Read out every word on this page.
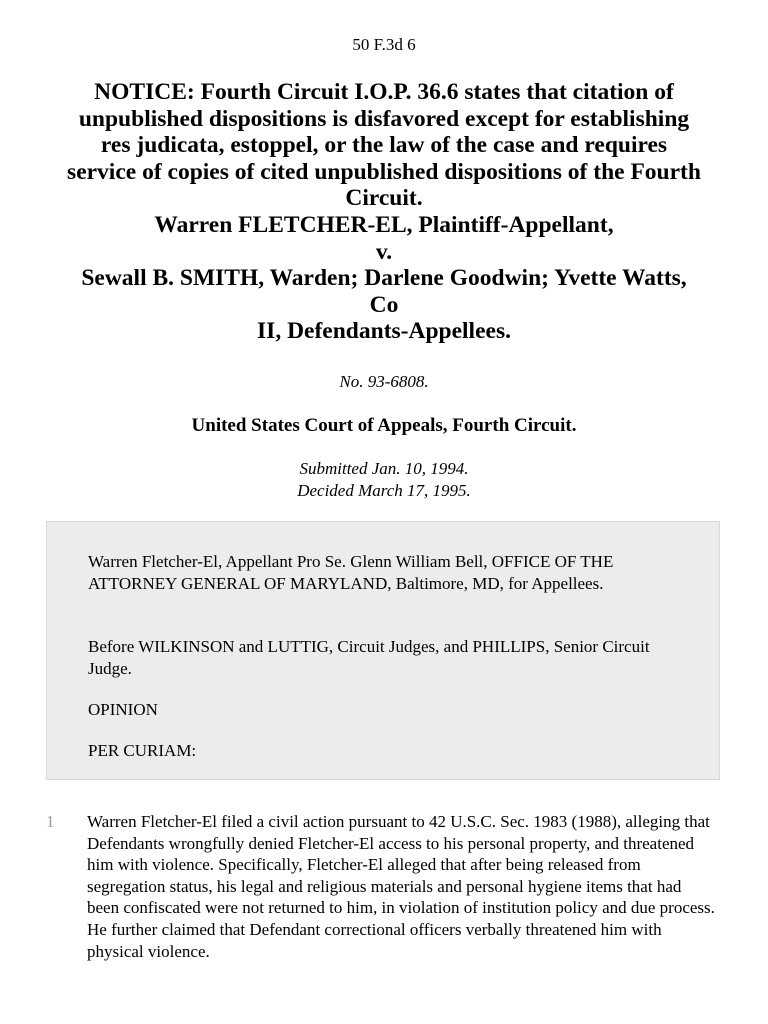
50 F.3d 6
NOTICE: Fourth Circuit I.O.P. 36.6 states that citation of
unpublished dispositions is disfavored except for establishing
res judicata, estoppel, or the law of the case and requires
service of copies of cited unpublished dispositions of the Fourth
Circuit.
Warren FLETCHER-EL, Plaintiff-Appellant,
v.
Sewall B. SMITH, Warden; Darlene Goodwin; Yvette Watts,
Co
II, Defendants-Appellees.
No. 93-6808.
United States Court of Appeals, Fourth Circuit.
Submitted Jan. 10, 1994.
Decided March 17, 1995.

Warren Fletcher-El, Appellant Pro Se. Glenn William Bell, OFFICE OF THE ATTORNEY GENERAL OF MARYLAND, Baltimore, MD, for Appellees.

Before WILKINSON and LUTTIG, Circuit Judges, and PHILLIPS, Senior Circuit Judge.

OPINION

PER CURIAM:

1 Warren Fletcher-El filed a civil action pursuant to 42 U.S.C. Sec. 1983 (1988), alleging that Defendants wrongfully denied Fletcher-El access to his personal property, and threatened him with violence. Specifically, Fletcher-El alleged that after being released from segregation status, his legal and religious materials and personal hygiene items that had been confiscated were not returned to him, in violation of institution policy and due process. He further claimed that Defendant correctional officers verbally threatened him with physical violence.
